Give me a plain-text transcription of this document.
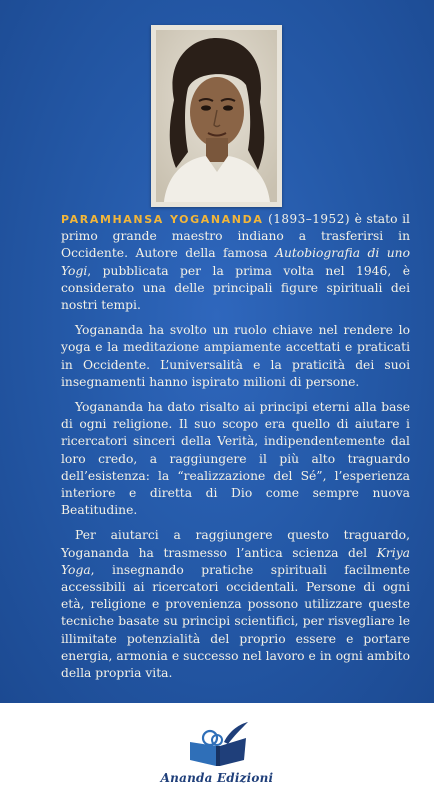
PARAMHANSA YOGANANDA (1893–1952) è stato il primo grande maestro indiano a trasferirsi in Occidente. Autore della famosa Autobiografia di uno Yogi, pubblicata per la prima volta nel 1946, è considerato una delle principali figure spirituali dei nostri tempi.

Yogananda ha svolto un ruolo chiave nel rendere lo yoga e la meditazione ampiamente accettati e praticati in Occidente. L’universalità e la praticità dei suoi insegnamenti hanno ispirato milioni di persone.

Yogananda ha dato risalto ai principi eterni alla base di ogni religione. Il suo scopo era quello di aiutare i ricercatori sinceri della Verità, indipendentemente dal loro credo, a raggiungere il più alto traguardo dell’esistenza: la “realizzazione del Sé”, l’esperienza interiore e diretta di Dio come sempre nuova Beatitudine.

Per aiutarci a raggiungere questo traguardo, Yogananda ha trasmesso l’antica scienza del Kriya Yoga, insegnando pratiche spirituali facilmente accessibili ai ricercatori occidentali. Persone di ogni età, religione e provenienza possono utilizzare queste tecniche basate su principi scientifici, per risvegliare le illimitate potenzialità del proprio essere e portare energia, armonia e successo nel lavoro e in ogni ambito della propria vita.

Ananda Edizioni
